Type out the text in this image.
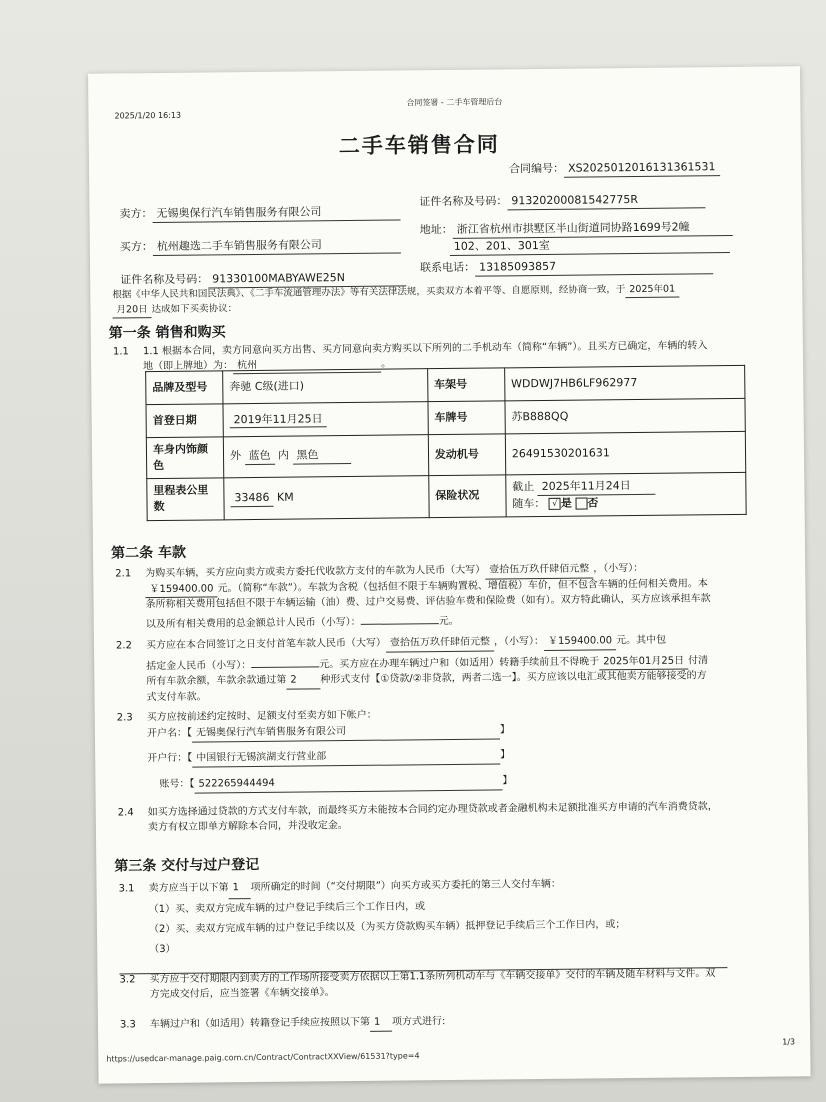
2025/1/20 16:13
合同签署 - 二手车管理后台
二手车销售合同
合同编号： XS2025012016131361531
卖方： 无锡奥保行汽车销售服务有限公司
证件名称及号码： 91320200081542775R
买方： 杭州趣选二手车销售服务有限公司
地址： 浙江省杭州市拱墅区半山街道同协路1699号2幢
102、201、301室
证件名称及号码： 91330100MABYAWE25N
联系电话： 13185093857
根据《中华人民共和国民法典》、《二手车流通管理办法》等有关法律法规，买卖双方本着平等、自愿原则，经协商一致，于 2025年01
月20日 达成如下买卖协议：
第一条 销售和购买
1.1 1.1 根据本合同，卖方同意向买方出售、买方同意向卖方购买以下所列的二手机动车（简称“车辆”）。且买方已确定，车辆的转入
地（即上牌地）为： 杭州	。
品牌及型号	奔驰 C级(进口)	车架号	WDDWJ7HB6LF962977
首登日期	2019年11月25日	车牌号	苏B888QQ
车身内饰颜色	外 蓝色 内 黑色	发动机号	26491530201631
里程表公里数	33486 KM	保险状况	截止 2025年11月24日
随车： √ 是 否
第二条 车款
2.1 为购买车辆，买方应向卖方或卖方委托代收款方支付的车款为人民币（大写） 壹拾伍万玖仟肆佰元整 ，（小写）：
￥159400.00 元。（简称“车款”）。车款为含税（包括但不限于车辆购置税、增值税）车价，但不包含车辆的任何相关费用。本
条所称相关费用包括但不限于车辆运输（油）费、过户交易费、评估验车费和保险费（如有）。双方特此确认，买方应该承担车款
以及所有相关费用的总金额总计人民币（小写）：	元。
2.2 买方应在本合同签订之日支付首笔车款人民币（大写） 壹拾伍万玖仟肆佰元整 ，（小写）： ￥159400.00 元。其中包
括定金人民币（小写）：	元。买方应在办理车辆过户和（如适用）转籍手续前且不得晚于 2025年01月25日 付清
所有车款余额，车款余款通过第 2 种形式支付【①贷款/②非贷款，两者二选一】。买方应该以电汇或其他卖方能够接受的方
式支付车款。
2.3 买方应按前述约定按时、足额支付至卖方如下帐户：
开户名：【 无锡奥保行汽车销售服务有限公司	】
开户行：【 中国银行无锡滨湖支行营业部	】
账号：【 522265944494	】
2.4 如买方选择通过贷款的方式支付车款，而最终买方未能按本合同约定办理贷款或者金融机构未足额批准买方申请的汽车消费贷款，
卖方有权立即单方解除本合同，并没收定金。
第三条 交付与过户登记
3.1 卖方应当于以下第 1 项所确定的时间（“交付期限”）向买方或买方委托的第三人交付车辆：
（1）买、卖双方完成车辆的过户登记手续后三个工作日内，或
（2）买、卖双方完成车辆的过户登记手续以及（为买方贷款购买车辆）抵押登记手续后三个工作日内，或；
（3）
3.2 买方应于交付期限内到卖方的工作场所接受卖方依据以上第1.1条所列机动车与《车辆交接单》交付的车辆及随车材料与文件。双
方完成交付后，应当签署《车辆交接单》。
3.3 车辆过户和（如适用）转籍登记手续应按照以下第 1 项方式进行:
1/3
https://usedcar-manage.paig.com.cn/Contract/ContractXXView/61531?type=4
